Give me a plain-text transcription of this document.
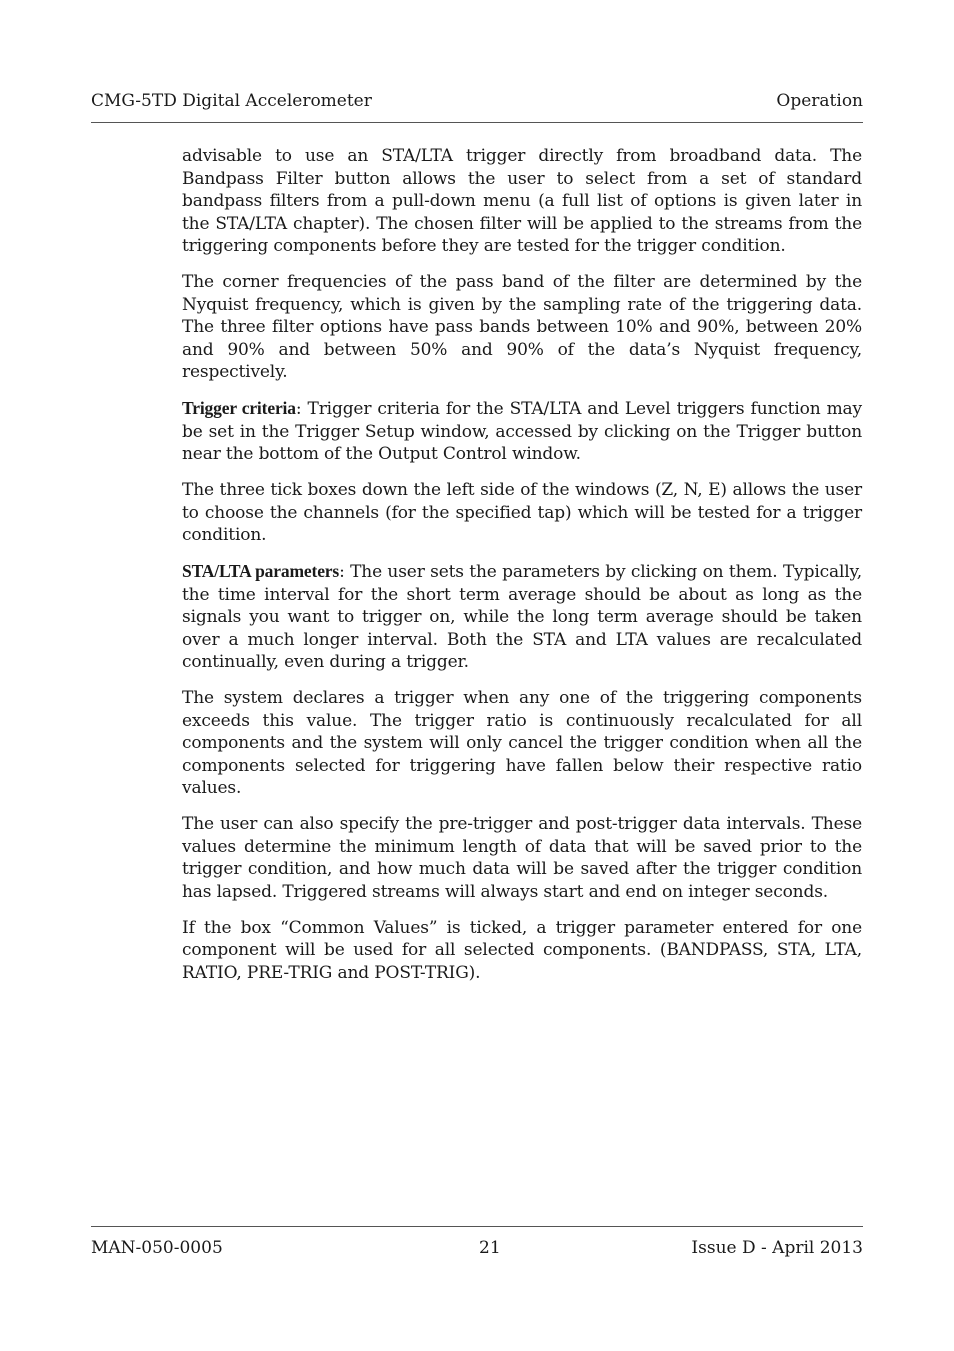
CMG-5TD Digital Accelerometer	Operation

advisable to use an STA/LTA trigger directly from broadband data. The Bandpass Filter button allows the user to select from a set of standard bandpass filters from a pull-down menu (a full list of options is given later in the STA/LTA chapter). The chosen filter will be applied to the streams from the triggering components before they are tested for the trigger condition.

The corner frequencies of the pass band of the filter are determined by the Nyquist frequency, which is given by the sampling rate of the triggering data. The three filter options have pass bands between 10% and 90%, between 20% and 90% and between 50% and 90% of the data’s Nyquist frequency, respectively.

Trigger criteria: Trigger criteria for the STA/LTA and Level triggers function may be set in the Trigger Setup window, accessed by clicking on the Trigger button near the bottom of the Output Control window.

The three tick boxes down the left side of the windows (Z, N, E) allows the user to choose the channels (for the specified tap) which will be tested for a trigger condition.

STA/LTA parameters: The user sets the parameters by clicking on them. Typically, the time interval for the short term average should be about as long as the signals you want to trigger on, while the long term average should be taken over a much longer interval. Both the STA and LTA values are recalculated continually, even during a trigger.

The system declares a trigger when any one of the triggering components exceeds this value. The trigger ratio is continuously recalculated for all components and the system will only cancel the trigger condition when all the components selected for triggering have fallen below their respective ratio values.

The user can also specify the pre-trigger and post-trigger data intervals. These values determine the minimum length of data that will be saved prior to the trigger condition, and how much data will be saved after the trigger condition has lapsed. Triggered streams will always start and end on integer seconds.

If the box “Common Values” is ticked, a trigger parameter entered for one component will be used for all selected components. (BANDPASS, STA, LTA, RATIO, PRE-TRIG and POST-TRIG).

MAN-050-0005	21	Issue D - April 2013
